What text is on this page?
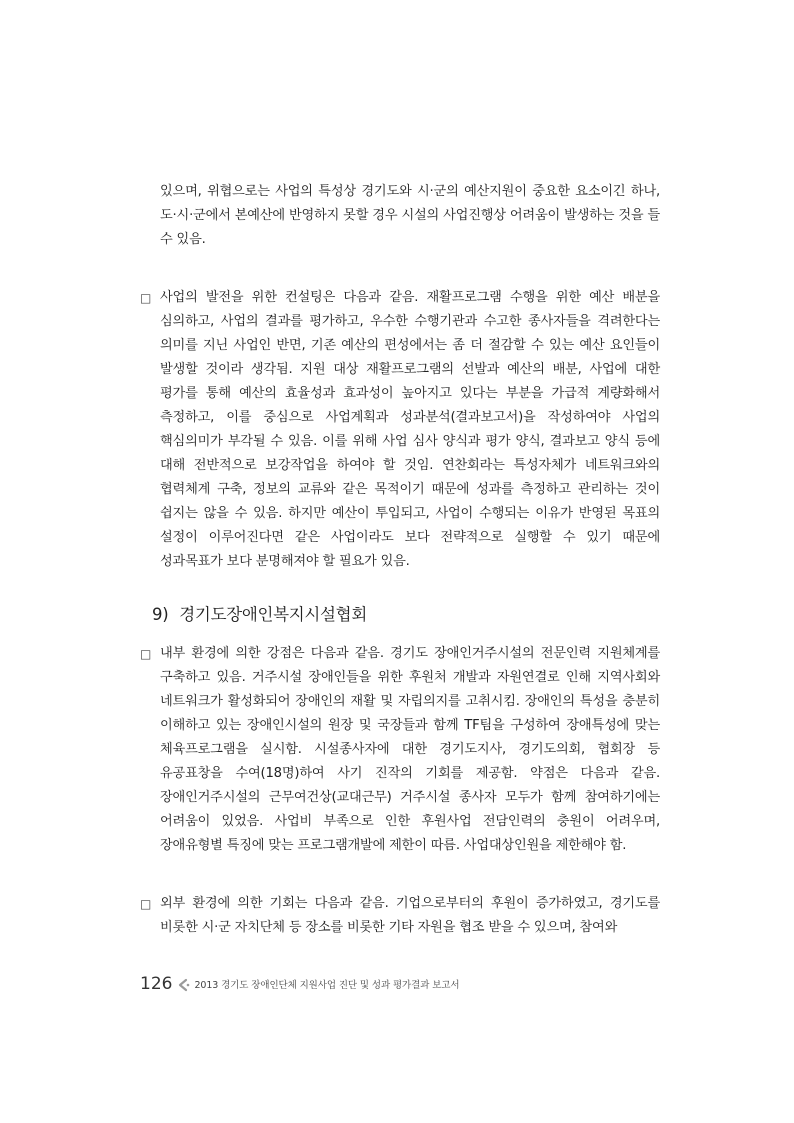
있으며, 위협으로는 사업의 특성상 경기도와 시·군의 예산지원이 중요한 요소이긴 하나, 도·시·군에서 본예산에 반영하지 못할 경우 시설의 사업진행상 어려움이 발생하는 것을 들 수 있음.

□ 사업의 발전을 위한 컨설팅은 다음과 같음. 재활프로그램 수행을 위한 예산 배분을 심의하고, 사업의 결과를 평가하고, 우수한 수행기관과 수고한 종사자들을 격려한다는 의미를 지닌 사업인 반면, 기존 예산의 편성에서는 좀 더 절감할 수 있는 예산 요인들이 발생할 것이라 생각됨. 지원 대상 재활프로그램의 선발과 예산의 배분, 사업에 대한 평가를 통해 예산의 효율성과 효과성이 높아지고 있다는 부분을 가급적 계량화해서 측정하고, 이를 중심으로 사업계획과 성과분석(결과보고서)을 작성하여야 사업의 핵심의미가 부각될 수 있음. 이를 위해 사업 심사 양식과 평가 양식, 결과보고 양식 등에 대해 전반적으로 보강작업을 하여야 할 것임. 연찬회라는 특성자체가 네트워크와의 협력체계 구축, 정보의 교류와 같은 목적이기 때문에 성과를 측정하고 관리하는 것이 쉽지는 않을 수 있음. 하지만 예산이 투입되고, 사업이 수행되는 이유가 반영된 목표의 설정이 이루어진다면 같은 사업이라도 보다 전략적으로 실행할 수 있기 때문에 성과목표가 보다 분명해져야 할 필요가 있음.

9) 경기도장애인복지시설협회

□ 내부 환경에 의한 강점은 다음과 같음. 경기도 장애인거주시설의 전문인력 지원체계를 구축하고 있음. 거주시설 장애인들을 위한 후원처 개발과 자원연결로 인해 지역사회와 네트워크가 활성화되어 장애인의 재활 및 자립의지를 고취시킴. 장애인의 특성을 충분히 이해하고 있는 장애인시설의 원장 및 국장들과 함께 TF팀을 구성하여 장애특성에 맞는 체육프로그램을 실시함. 시설종사자에 대한 경기도지사, 경기도의회, 협회장 등 유공표창을 수여(18명)하여 사기 진작의 기회를 제공함. 약점은 다음과 같음. 장애인거주시설의 근무여건상(교대근무) 거주시설 종사자 모두가 함께 참여하기에는 어려움이 있었음. 사업비 부족으로 인한 후원사업 전담인력의 충원이 어려우며, 장애유형별 특징에 맞는 프로그램개발에 제한이 따름. 사업대상인원을 제한해야 함.

□ 외부 환경에 의한 기회는 다음과 같음. 기업으로부터의 후원이 증가하였고, 경기도를 비롯한 시·군 자치단체 등 장소를 비롯한 기타 자원을 협조 받을 수 있으며, 참여와

126 2013 경기도 장애인단체 지원사업 진단 및 성과 평가결과 보고서
